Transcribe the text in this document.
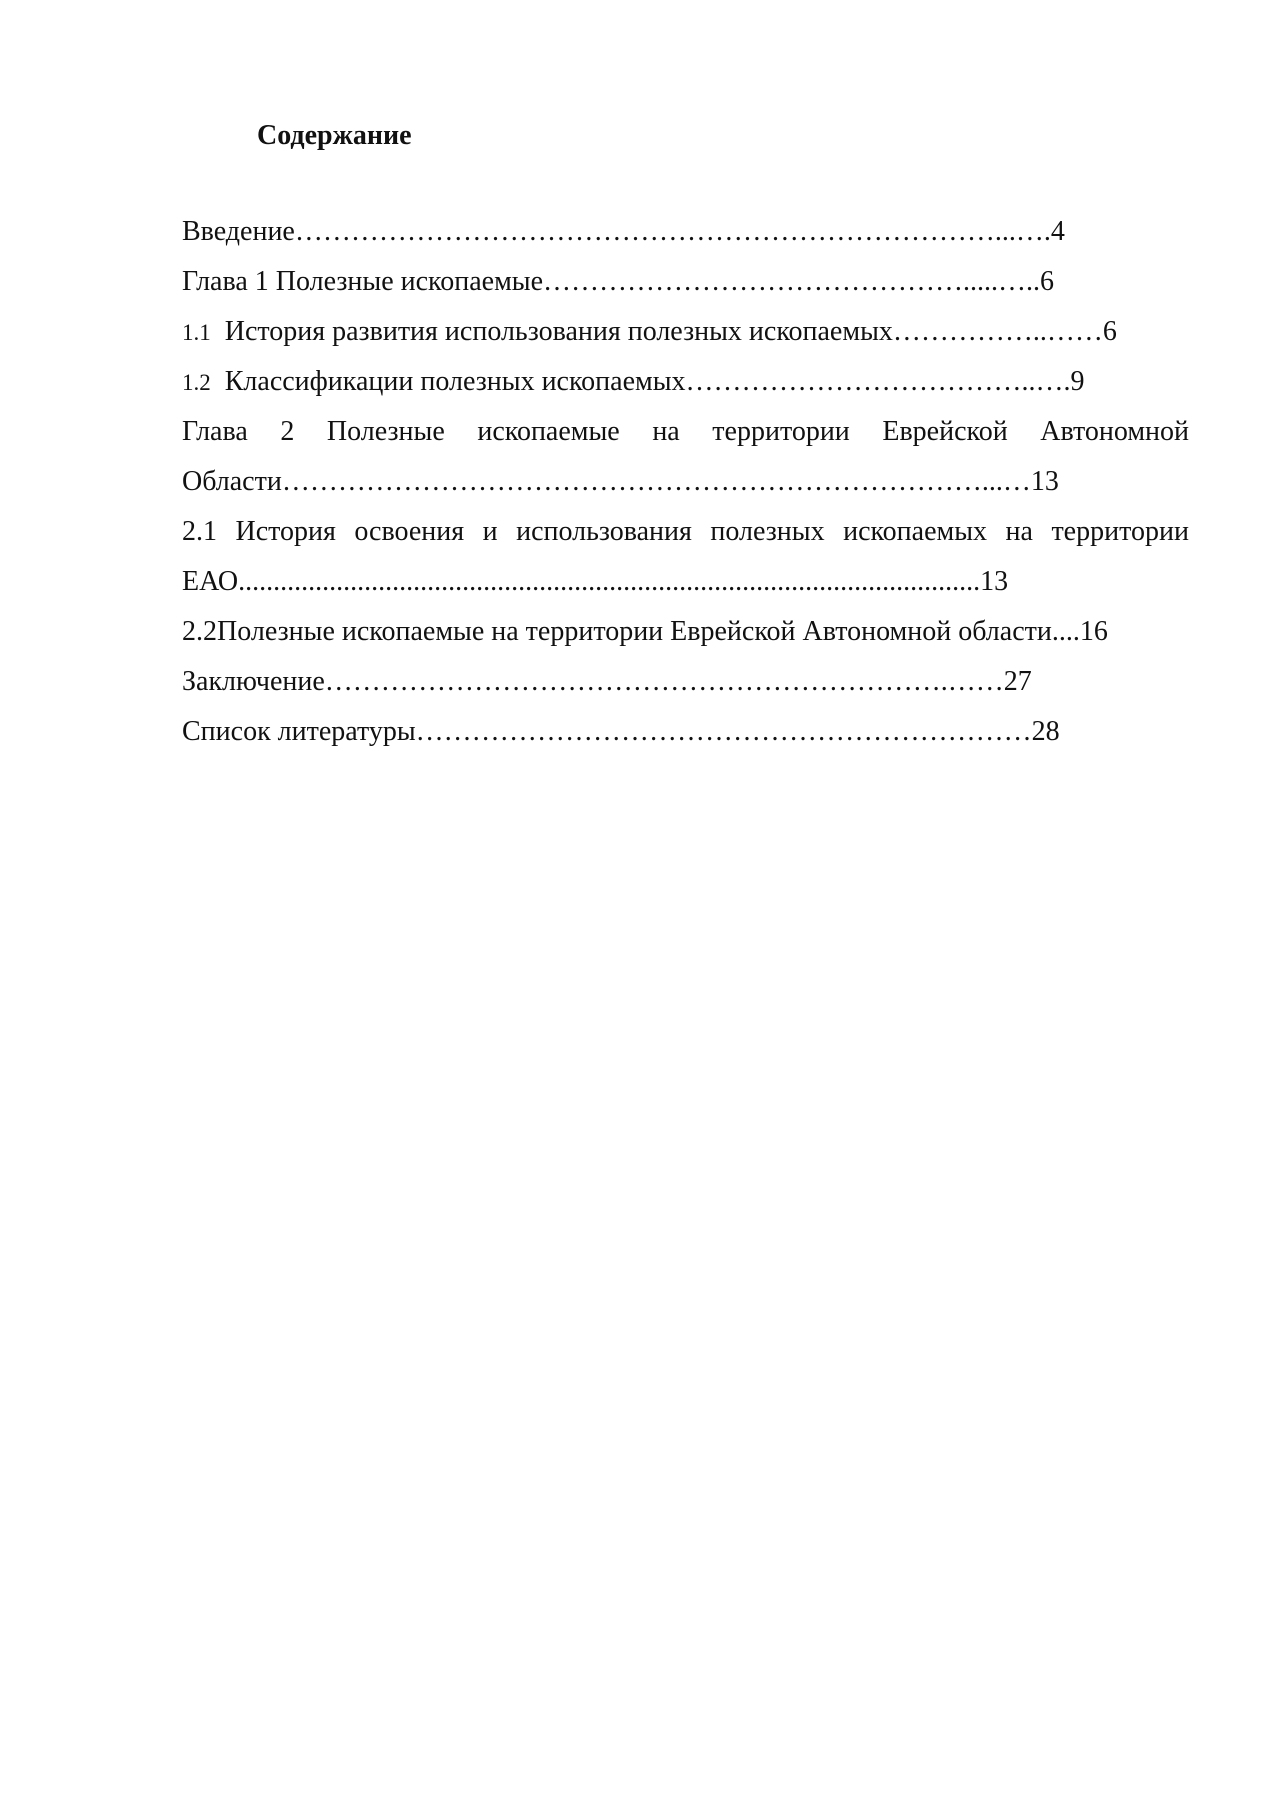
Содержание
Введение…………………………………………………………………...….4
Глава 1 Полезные ископаемые……………………………………….....…..6
1.1 История развития использования полезных ископаемых……………..……6
1.2 Классификации полезных ископаемых………………………………..….9
Глава 2 Полезные ископаемые на территории Еврейской Автономной
Области…………………………………………………………………...…13
2.1 История освоения и использования полезных ископаемых на территории
ЕАО..........................................................................................................13
2.2Полезные ископаемые на территории Еврейской Автономной области....16
Заключение………………………………………………………….……27
Список литературы…………………………………………………………28
